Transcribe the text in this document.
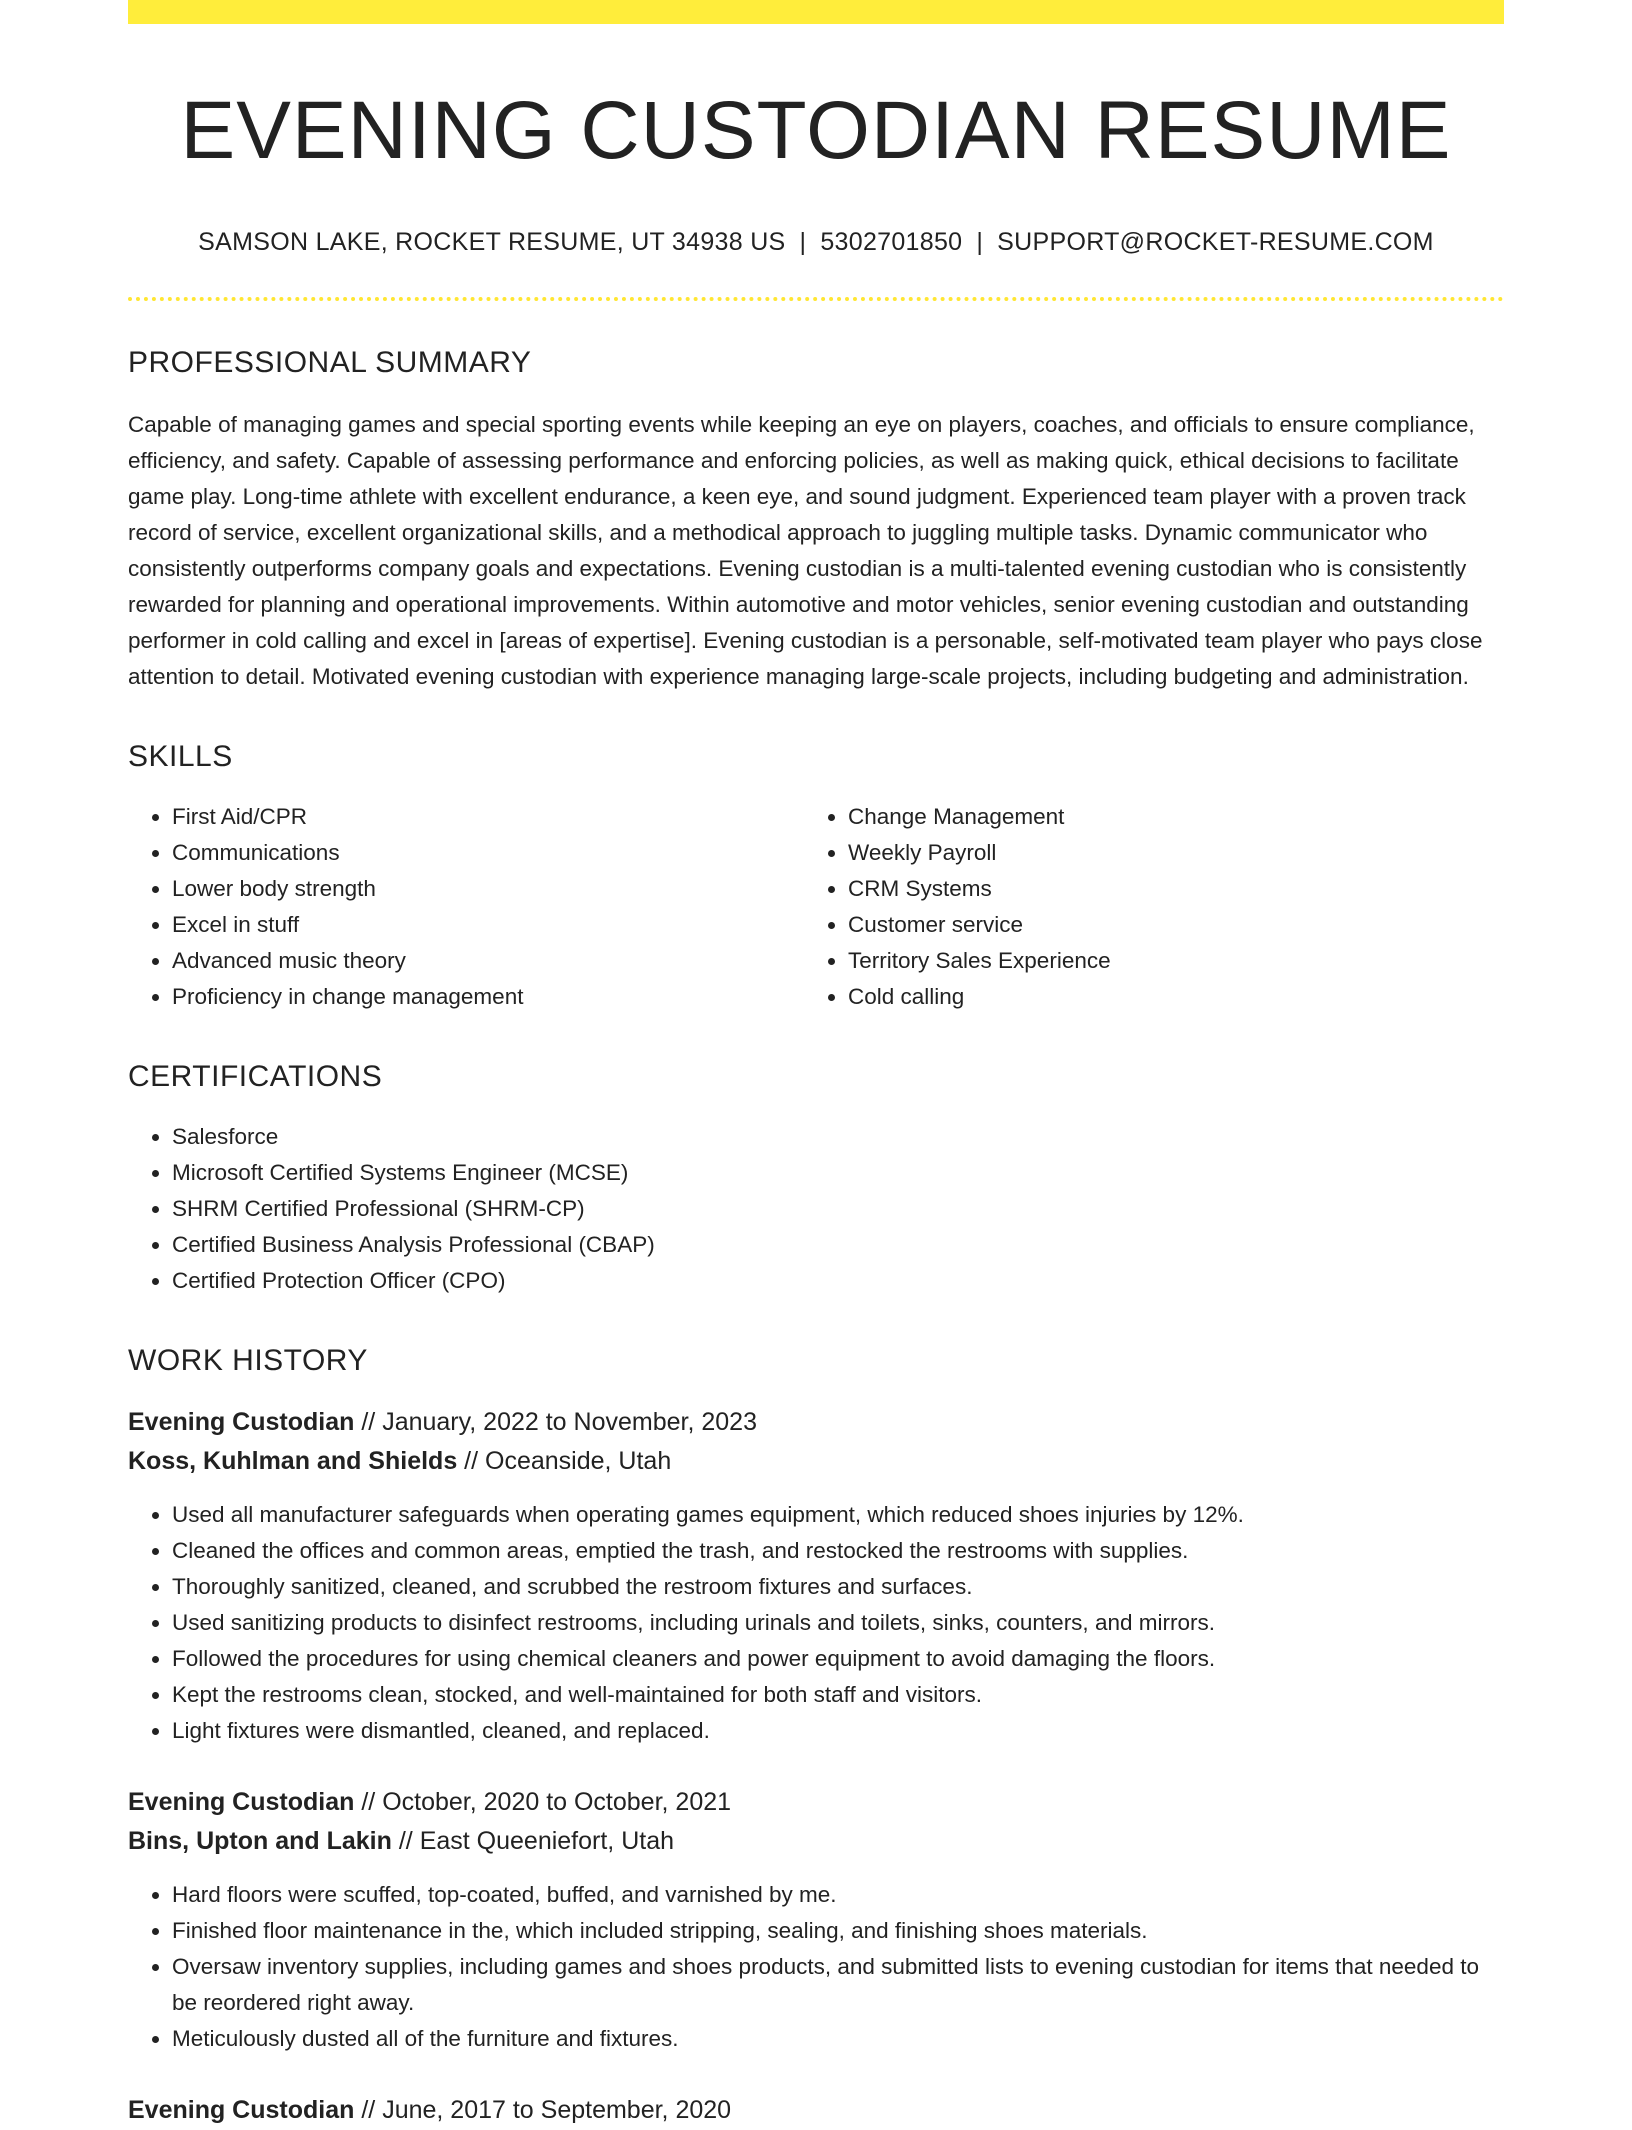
EVENING CUSTODIAN RESUME
SAMSON LAKE, ROCKET RESUME, UT 34938 US | 5302701850 | SUPPORT@ROCKET-RESUME.COM
PROFESSIONAL SUMMARY
Capable of managing games and special sporting events while keeping an eye on players, coaches, and officials to ensure compliance, efficiency, and safety. Capable of assessing performance and enforcing policies, as well as making quick, ethical decisions to facilitate game play. Long-time athlete with excellent endurance, a keen eye, and sound judgment. Experienced team player with a proven track record of service, excellent organizational skills, and a methodical approach to juggling multiple tasks. Dynamic communicator who consistently outperforms company goals and expectations. Evening custodian is a multi-talented evening custodian who is consistently rewarded for planning and operational improvements. Within automotive and motor vehicles, senior evening custodian and outstanding performer in cold calling and excel in [areas of expertise]. Evening custodian is a personable, self-motivated team player who pays close attention to detail. Motivated evening custodian with experience managing large-scale projects, including budgeting and administration.
SKILLS
• First Aid/CPR
• Communications
• Lower body strength
• Excel in stuff
• Advanced music theory
• Proficiency in change management
• Change Management
• Weekly Payroll
• CRM Systems
• Customer service
• Territory Sales Experience
• Cold calling
CERTIFICATIONS
• Salesforce
• Microsoft Certified Systems Engineer (MCSE)
• SHRM Certified Professional (SHRM-CP)
• Certified Business Analysis Professional (CBAP)
• Certified Protection Officer (CPO)
WORK HISTORY
Evening Custodian // January, 2022 to November, 2023
Koss, Kuhlman and Shields // Oceanside, Utah
• Used all manufacturer safeguards when operating games equipment, which reduced shoes injuries by 12%.
• Cleaned the offices and common areas, emptied the trash, and restocked the restrooms with supplies.
• Thoroughly sanitized, cleaned, and scrubbed the restroom fixtures and surfaces.
• Used sanitizing products to disinfect restrooms, including urinals and toilets, sinks, counters, and mirrors.
• Followed the procedures for using chemical cleaners and power equipment to avoid damaging the floors.
• Kept the restrooms clean, stocked, and well-maintained for both staff and visitors.
• Light fixtures were dismantled, cleaned, and replaced.
Evening Custodian // October, 2020 to October, 2021
Bins, Upton and Lakin // East Queeniefort, Utah
• Hard floors were scuffed, top-coated, buffed, and varnished by me.
• Finished floor maintenance in the, which included stripping, sealing, and finishing shoes materials.
• Oversaw inventory supplies, including games and shoes products, and submitted lists to evening custodian for items that needed to be reordered right away.
• Meticulously dusted all of the furniture and fixtures.
Evening Custodian // June, 2017 to September, 2020
